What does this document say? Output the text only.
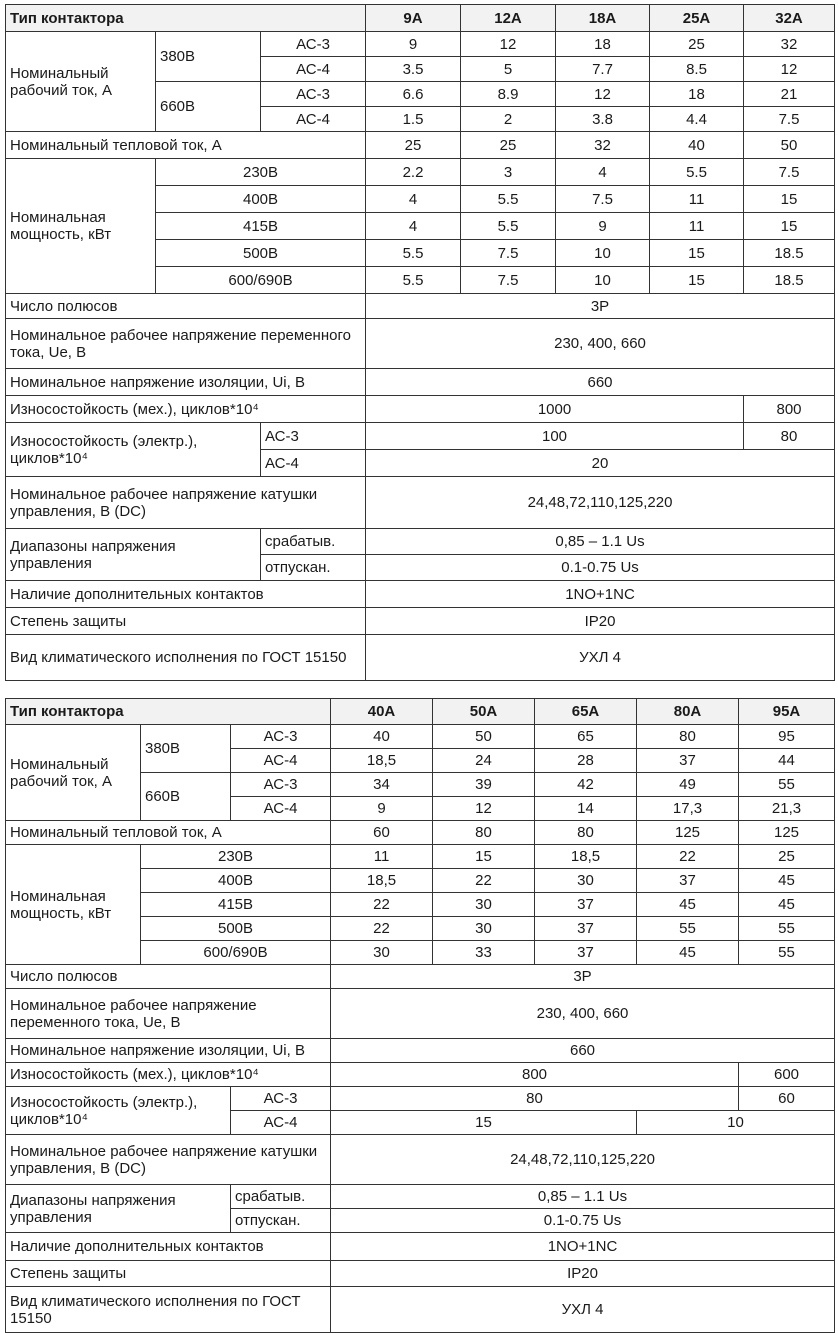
Тип контактора			9А	12А	18А	25А	32А
Номинальный рабочий ток, А	380В	АС-3	9	12	18	25	32
		АС-4	3.5	5	7.7	8.5	12
	660В	АС-3	6.6	8.9	12	18	21
		АС-4	1.5	2	3.8	4.4	7.5
Номинальный тепловой ток, А			25	25	32	40	50
Номинальная мощность, кВт	230В		2.2	3	4	5.5	7.5
	400В		4	5.5	7.5	11	15
	415В		4	5.5	9	11	15
	500В		5.5	7.5	10	15	18.5
	600/690В		5.5	7.5	10	15	18.5
Число полюсов			3Р				
Номинальное рабочее напряжение переменного тока, Ue, В			230, 400, 660				
Номинальное напряжение изоляции, Ui, В			660				
Износостойкость (мех.), циклов*10⁴			1000				800
Износостойкость (электр.), циклов*10⁴		АС-3	100				80
		АС-4	20				
Номинальное рабочее напряжение катушки управления, В (DC)			24,48,72,110,125,220				
Диапазоны напряжения управления		срабатыв.	0,85 – 1.1 Us				
		отпускан.	0.1-0.75 Us				
Наличие дополнительных контактов			1NO+1NC				
Степень защиты			IP20				
Вид климатического исполнения по ГОСТ 15150			УХЛ 4				
Тип контактора			40А	50А	65А	80А	95А
Номинальный рабочий ток, А	380В	АС-3	40	50	65	80	95
		АС-4	18,5	24	28	37	44
	660В	АС-3	34	39	42	49	55
		АС-4	9	12	14	17,3	21,3
Номинальный тепловой ток, А			60	80	80	125	125
Номинальная мощность, кВт	230В		11	15	18,5	22	25
	400В		18,5	22	30	37	45
	415В		22	30	37	45	45
	500В		22	30	37	55	55
	600/690В		30	33	37	45	55
Число полюсов			3Р				
Номинальное рабочее напряжение переменного тока, Ue, В			230, 400, 660				
Номинальное напряжение изоляции, Ui, В			660				
Износостойкость (мех.), циклов*10⁴			800				600
Износостойкость (электр.), циклов*10⁴		АС-3	80				60
		АС-4	15			10	
Номинальное рабочее напряжение катушки управления, В (DC)			24,48,72,110,125,220				
Диапазоны напряжения управления		срабатыв.	0,85 – 1.1 Us				
		отпускан.	0.1-0.75 Us				
Наличие дополнительных контактов			1NO+1NC				
Степень защиты			IP20				
Вид климатического исполнения по ГОСТ 15150			УХЛ 4				
